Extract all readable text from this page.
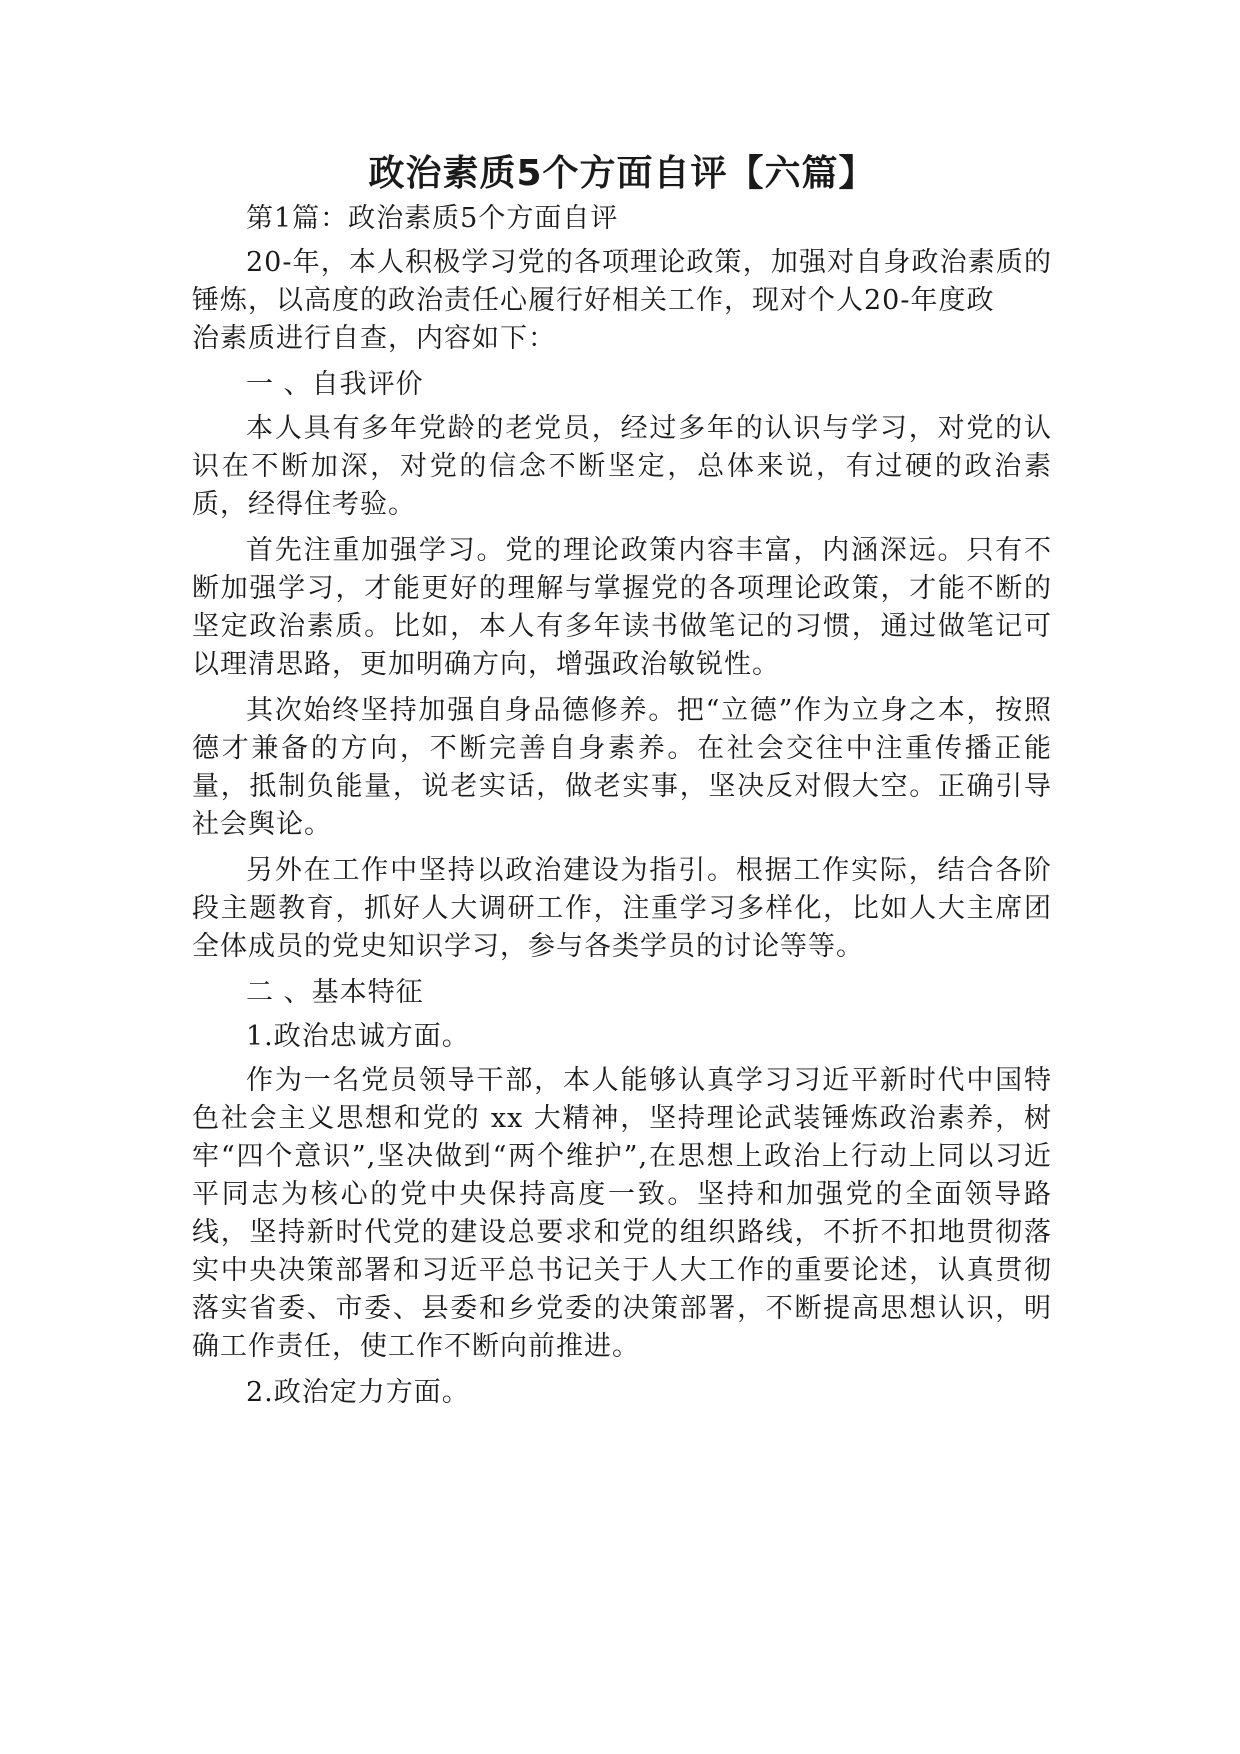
政治素质5个方面自评【六篇】

第1篇：政治素质5个方面自评

20-年，本人积极学习党的各项理论政策，加强对自身政治素质的锤炼，以高度的政治责任心履行好相关工作，现对个人20-年度政

治素质进行自查，内容如下：

一 、自我评价

本人具有多年党龄的老党员，经过多年的认识与学习，对党的认识在不断加深，对党的信念不断坚定，总体来说，有过硬的政治素质，经得住考验。

首先注重加强学习。党的理论政策内容丰富，内涵深远。只有不断加强学习，才能更好的理解与掌握党的各项理论政策，才能不断的坚定政治素质。比如，本人有多年读书做笔记的习惯，通过做笔记可以理清思路，更加明确方向，增强政治敏锐性。

其次始终坚持加强自身品德修养。把“立德”作为立身之本，按照德才兼备的方向，不断完善自身素养。在社会交往中注重传播正能量，抵制负能量，说老实话，做老实事，坚决反对假大空。正确引导社会舆论。

另外在工作中坚持以政治建设为指引。根据工作实际，结合各阶段主题教育，抓好人大调研工作，注重学习多样化，比如人大主席团全体成员的党史知识学习，参与各类学员的讨论等等。

二 、基本特征

1.政治忠诚方面。

作为一名党员领导干部，本人能够认真学习习近平新时代中国特色社会主义思想和党的 xx 大精神，坚持理论武装锤炼政治素养，树牢“四个意识”,坚决做到“两个维护”,在思想上政治上行动上同以习近平同志为核心的党中央保持高度一致。坚持和加强党的全面领导路线，坚持新时代党的建设总要求和党的组织路线，不折不扣地贯彻落实中央决策部署和习近平总书记关于人大工作的重要论述，认真贯彻落实省委、市委、县委和乡党委的决策部署，不断提高思想认识，明确工作责任，使工作不断向前推进。

2.政治定力方面。
